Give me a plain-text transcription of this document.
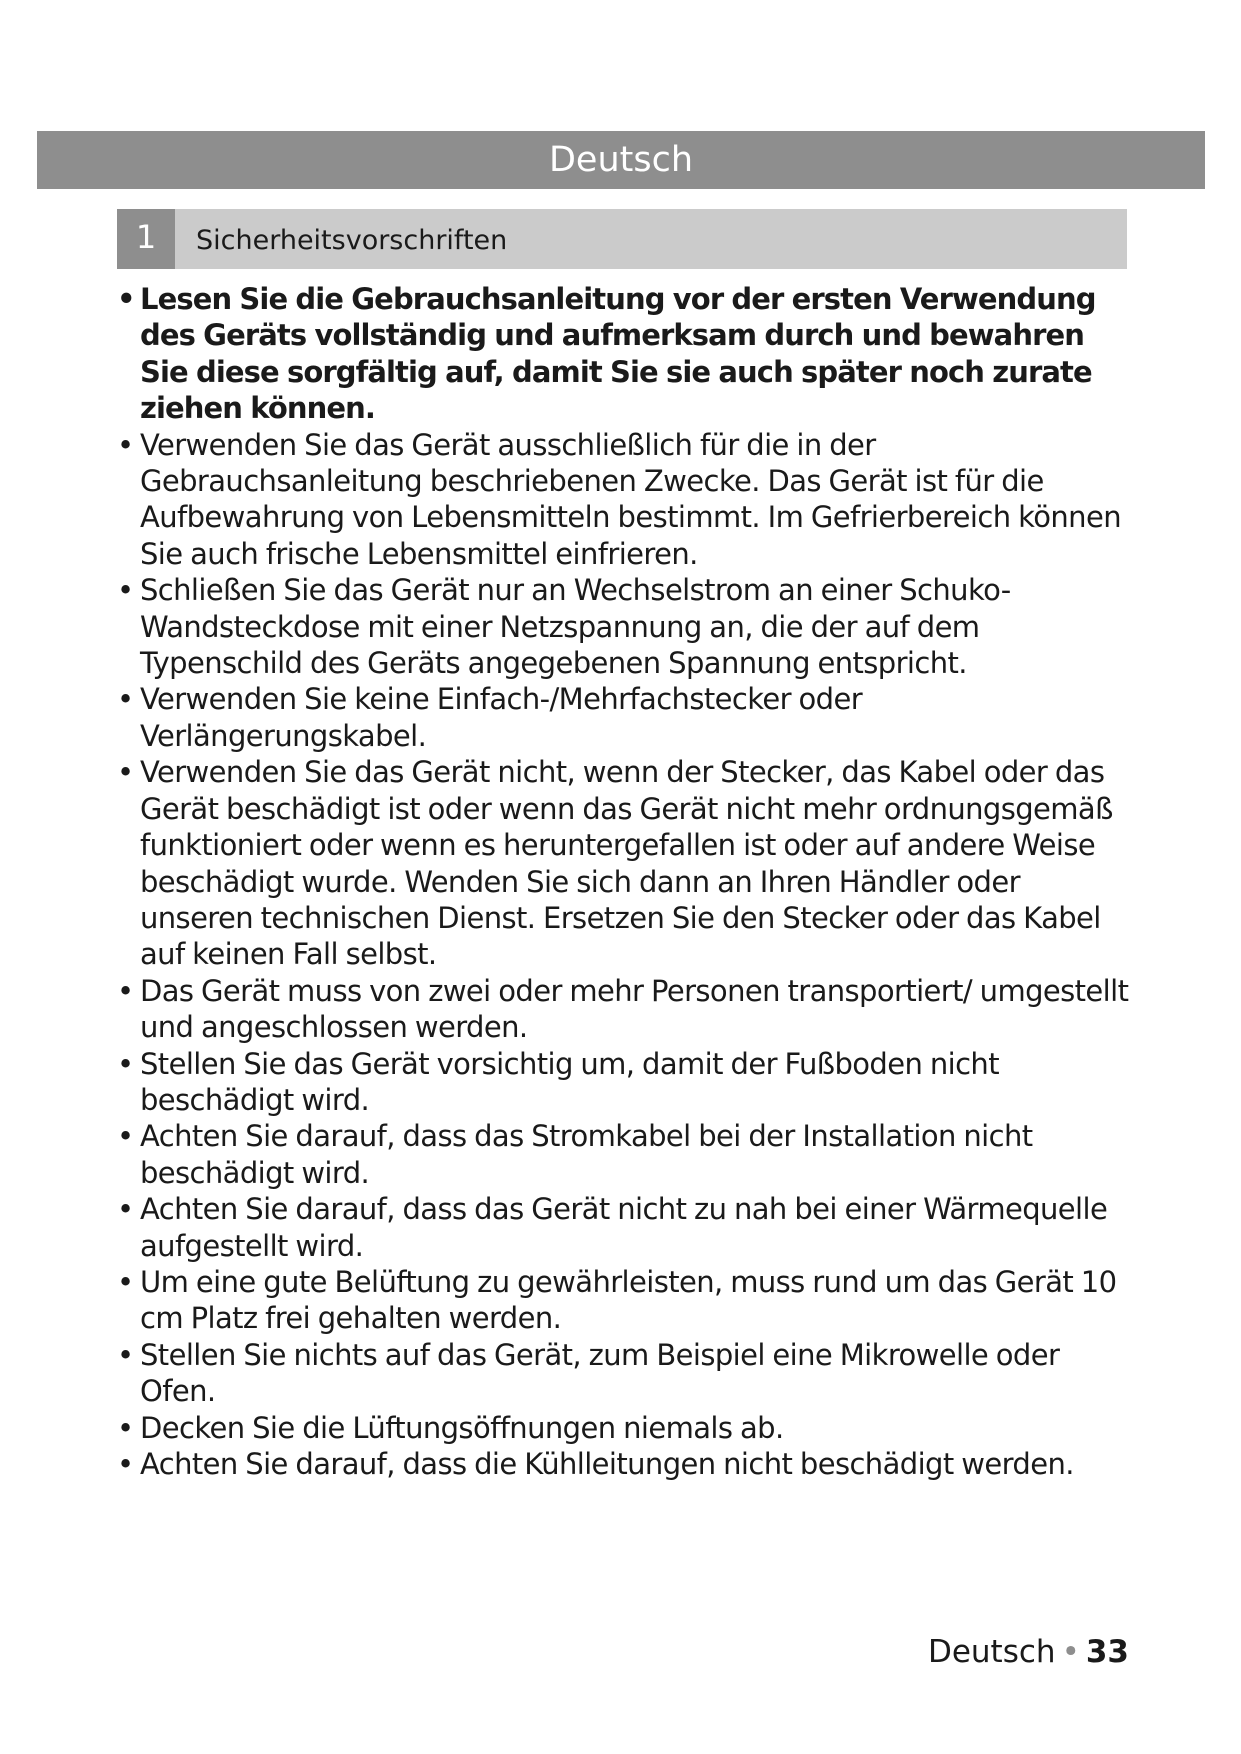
Deutsch
1	Sicherheitsvorschriften
• Lesen Sie die Gebrauchsanleitung vor der ersten Verwendung des Geräts vollständig und aufmerksam durch und bewahren Sie diese sorgfältig auf, damit Sie sie auch später noch zurate ziehen können.
• Verwenden Sie das Gerät ausschließlich für die in der Gebrauchsanleitung beschriebenen Zwecke. Das Gerät ist für die Aufbewahrung von Lebensmitteln bestimmt. Im Gefrierbereich können Sie auch frische Lebensmittel einfrieren.
• Schließen Sie das Gerät nur an Wechselstrom an einer Schuko-Wandsteckdose mit einer Netzspannung an, die der auf dem Typenschild des Geräts angegebenen Spannung entspricht.
• Verwenden Sie keine Einfach-/Mehrfachstecker oder Verlängerungskabel.
• Verwenden Sie das Gerät nicht, wenn der Stecker, das Kabel oder das Gerät beschädigt ist oder wenn das Gerät nicht mehr ordnungsgemäß funktioniert oder wenn es heruntergefallen ist oder auf andere Weise beschädigt wurde. Wenden Sie sich dann an Ihren Händler oder unseren technischen Dienst. Ersetzen Sie den Stecker oder das Kabel auf keinen Fall selbst.
• Das Gerät muss von zwei oder mehr Personen transportiert/ umgestellt und angeschlossen werden.
• Stellen Sie das Gerät vorsichtig um, damit der Fußboden nicht beschädigt wird.
• Achten Sie darauf, dass das Stromkabel bei der Installation nicht beschädigt wird.
• Achten Sie darauf, dass das Gerät nicht zu nah bei einer Wärmequelle aufgestellt wird.
• Um eine gute Belüftung zu gewährleisten, muss rund um das Gerät 10 cm Platz frei gehalten werden.
• Stellen Sie nichts auf das Gerät, zum Beispiel eine Mikrowelle oder Ofen.
• Decken Sie die Lüftungsöffnungen niemals ab.
• Achten Sie darauf, dass die Kühlleitungen nicht beschädigt werden.
Deutsch • 33
